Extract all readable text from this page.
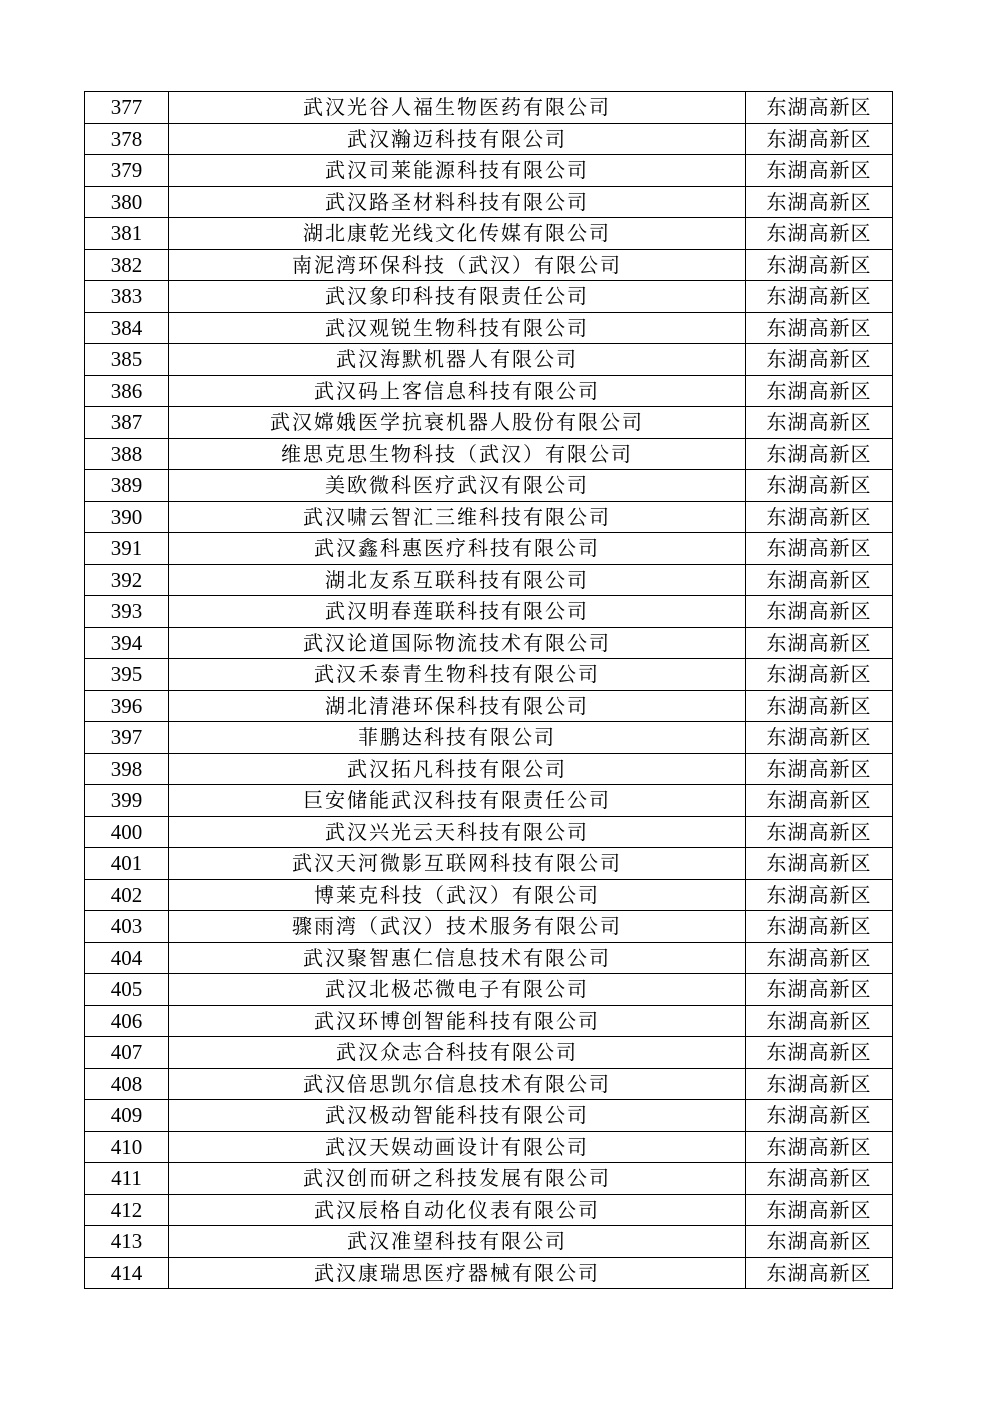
377	武汉光谷人福生物医药有限公司	东湖高新区
378	武汉瀚迈科技有限公司	东湖高新区
379	武汉司莱能源科技有限公司	东湖高新区
380	武汉路圣材料科技有限公司	东湖高新区
381	湖北康乾光线文化传媒有限公司	东湖高新区
382	南泥湾环保科技（武汉）有限公司	东湖高新区
383	武汉象印科技有限责任公司	东湖高新区
384	武汉观锐生物科技有限公司	东湖高新区
385	武汉海默机器人有限公司	东湖高新区
386	武汉码上客信息科技有限公司	东湖高新区
387	武汉嫦娥医学抗衰机器人股份有限公司	东湖高新区
388	维思克思生物科技（武汉）有限公司	东湖高新区
389	美欧微科医疗武汉有限公司	东湖高新区
390	武汉啸云智汇三维科技有限公司	东湖高新区
391	武汉鑫科惠医疗科技有限公司	东湖高新区
392	湖北友系互联科技有限公司	东湖高新区
393	武汉明春莲联科技有限公司	东湖高新区
394	武汉论道国际物流技术有限公司	东湖高新区
395	武汉禾泰青生物科技有限公司	东湖高新区
396	湖北清港环保科技有限公司	东湖高新区
397	菲鹏达科技有限公司	东湖高新区
398	武汉拓凡科技有限公司	东湖高新区
399	巨安储能武汉科技有限责任公司	东湖高新区
400	武汉兴光云天科技有限公司	东湖高新区
401	武汉天河微影互联网科技有限公司	东湖高新区
402	博莱克科技（武汉）有限公司	东湖高新区
403	骤雨湾（武汉）技术服务有限公司	东湖高新区
404	武汉聚智惠仁信息技术有限公司	东湖高新区
405	武汉北极芯微电子有限公司	东湖高新区
406	武汉环博创智能科技有限公司	东湖高新区
407	武汉众志合科技有限公司	东湖高新区
408	武汉倍思凯尔信息技术有限公司	东湖高新区
409	武汉极动智能科技有限公司	东湖高新区
410	武汉天娱动画设计有限公司	东湖高新区
411	武汉创而研之科技发展有限公司	东湖高新区
412	武汉辰格自动化仪表有限公司	东湖高新区
413	武汉准望科技有限公司	东湖高新区
414	武汉康瑞思医疗器械有限公司	东湖高新区
